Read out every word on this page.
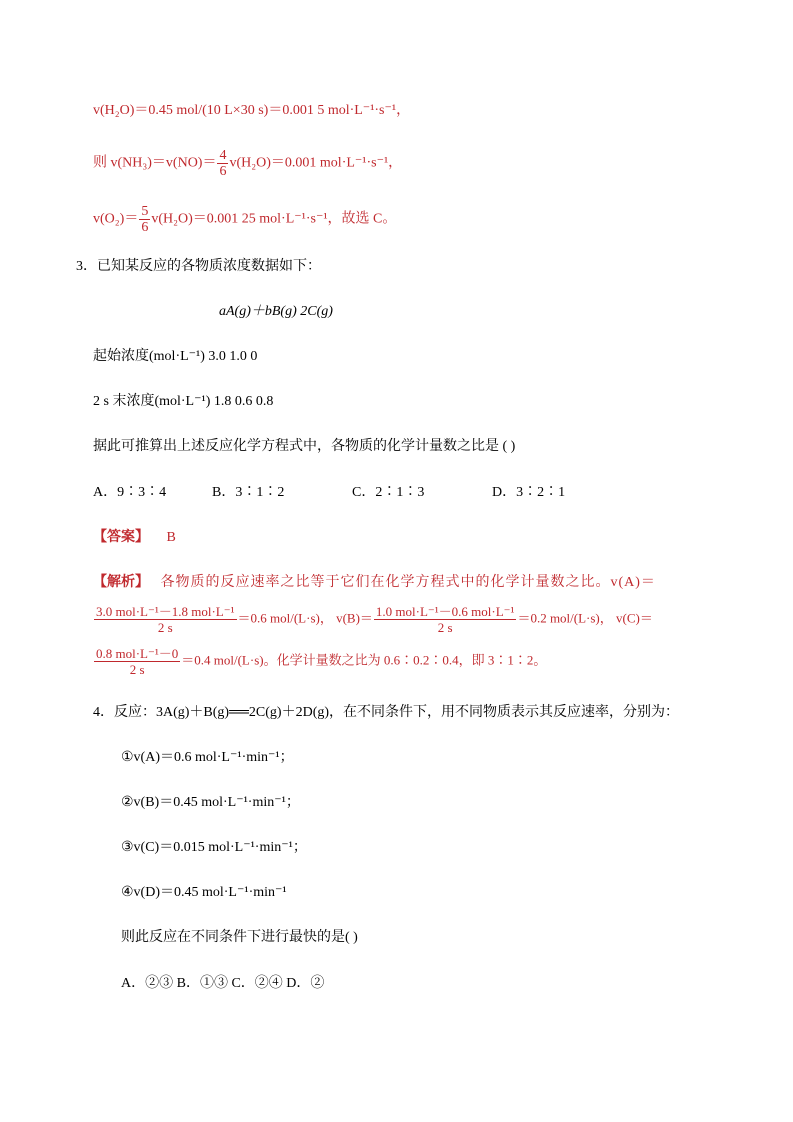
v(H₂O)＝0.45 mol/(10 L×30 s)＝0.001 5 mol·L⁻¹·s⁻¹，
则 $v(NH_3)=v(NO)= \frac{4}{6} v(H_2O)=0.001$ mol·L⁻¹·s⁻¹，
$v(O_2)= \frac{5}{6} v(H_2O)=0.001$ 25 mol·L⁻¹·s⁻¹，故选 C。
3．已知某反应的各物质浓度数据如下：
aA(g)＋bB(g) 2C(g)
起始浓度(mol·L⁻¹) 3.0 1.0 0
2 s 末浓度(mol·L⁻¹) 1.8 0.6 0.8
据此可推算出上述反应化学方程式中，各物质的化学计量数之比是 ( )
A．9∶3∶4	B．3∶1∶2	C．2∶1∶3	D．3∶2∶1
【答案】 B
【解析】 各物质的反应速率之比等于它们在化学方程式中的化学计量数之比。v(A)＝
$\frac{\text{3.0 mol·L⁻¹－1.8 mol·L⁻¹}}{2 s} =0.6$ mol/(L·s)， $v(B)= \frac{\text{1.0 mol·L⁻¹－0.6 mol·L⁻¹}}{2 s} =0.2$ mol/(L·s)， v(C)＝
$\frac{\text{0.8 mol·L⁻¹－0}}{2 s} =0.4$ mol/(L·s)。化学计量数之比为 0.6∶0.2∶0.4，即 3∶1∶2。
4．反应：3A(g)＋B(g)══2C(g)＋2D(g)，在不同条件下，用不同物质表示其反应速率，分别为：
①v(A)＝0.6 mol·L⁻¹·min⁻¹；
②v(B)＝0.45 mol·L⁻¹·min⁻¹；
③v(C)＝0.015 mol·L⁻¹·min⁻¹；
④v(D)＝0.45 mol·L⁻¹·min⁻¹
则此反应在不同条件下进行最快的是( )
A．②③ B．①③ C．②④ D．②
